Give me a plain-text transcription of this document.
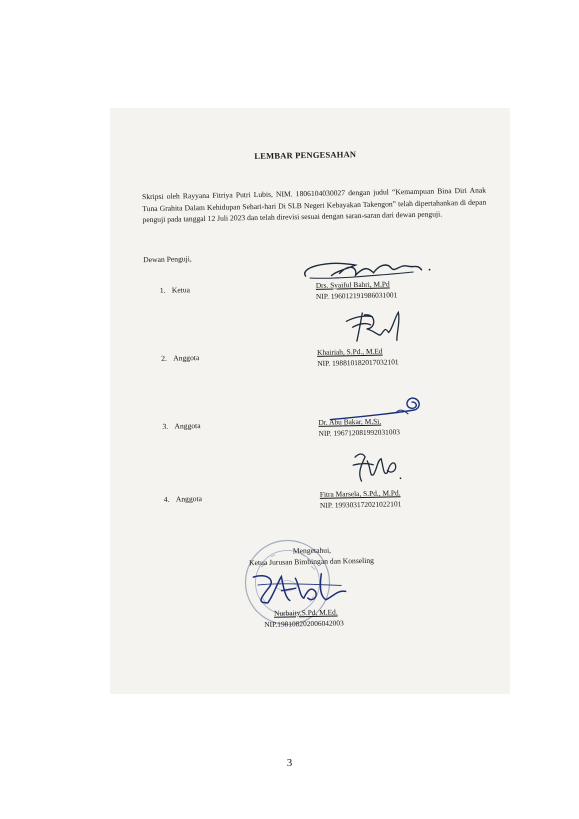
LEMBAR PENGESAHAN
Skripsi oleh Rayyana Fitriya Putri Lubis, NIM. 1806104030027 dengan judul “Kemampuan Bina Diri Anak Tuna Grahita Dalam Kehidupan Sehari-hari Di SLB Negeri Kebayakan Takengon” telah dipertahankan di depan penguji pada tanggal 12 Juli 2023 dan telah direvisi sesuai dengan saran-saran dari dewan penguji.
Dewan Penguji,
1. Ketua
Drs. Syaiful Bahri, M.Pd
NIP. 196012191986031001
2. Anggota
Khairiah, S.Pd., M.Ed
NIP. 198810182017032101
3. Anggota	Dr. Abu Bakar, M.Si.
NIP. 196712081992031003
4. Anggota
Fitra Marsela, S.Pd., M.Pd.
NIP. 199303172021022101
Mengetahui,
Ketua Jurusan Bimbingan dan Konseling
Nurbaity,S.Pd, M.Ed.
NIP.198108202006042003
3
